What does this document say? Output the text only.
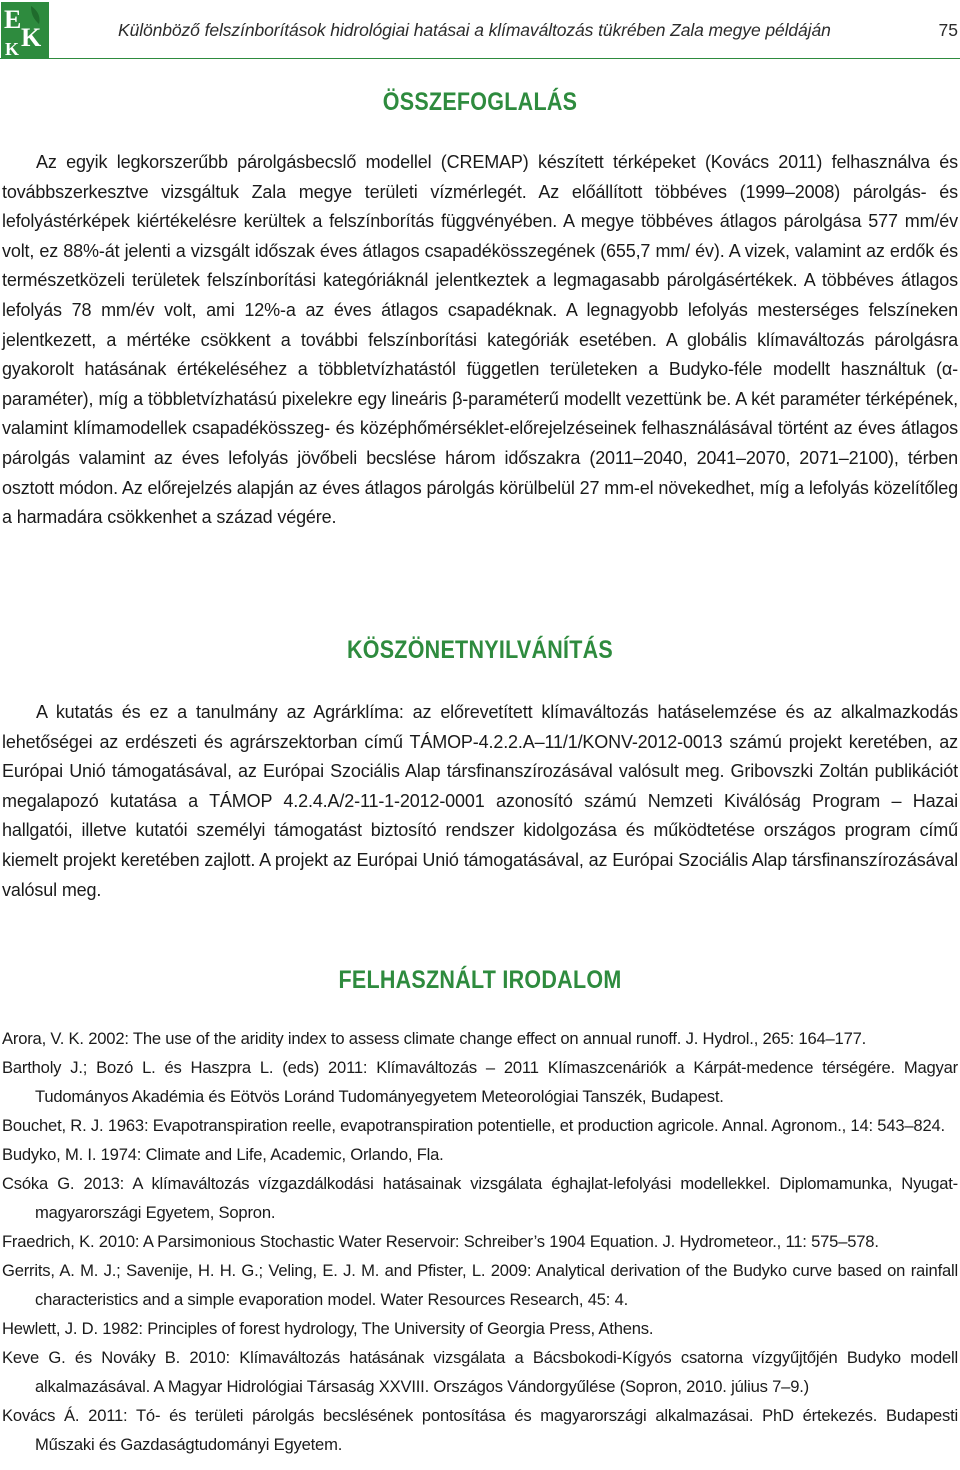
E
K
K
Különböző felszínborítások hidrológiai hatásai a klímaváltozás tükrében Zala megye példáján	75
ÖSSZEFOGLALÁS
Az egyik legkorszerűbb párolgásbecslő modellel (CREMAP) készített térképeket (Kovács 2011) felhasználva és továbbszerkesztve vizsgáltuk Zala megye területi vízmérlegét. Az előállított többéves (1999–2008) párolgás- és lefolyástérképek kiértékelésre kerültek a felszínborítás függvényében. A megye többéves átlagos párolgása 577 mm/év volt, ez 88%-át jelenti a vizsgált időszak éves átlagos csapadékösszegének (655,7 mm/ év). A vizek, valamint az erdők és természetközeli területek felszínborítási kategóriáknál jelentkeztek a legmagasabb párolgásértékek. A többéves átlagos lefolyás 78 mm/év volt, ami 12%-a az éves átlagos csapadéknak. A legnagyobb lefolyás mesterséges felszíneken jelentkezett, a mértéke csökkent a további felszínborítási kategóriák esetében. A globális klímaváltozás párolgásra gyakorolt hatásának értékeléséhez a többletvízhatástól független területeken a Budyko-féle modellt használtuk (α-paraméter), míg a többletvízhatású pixelekre egy lineáris β-paraméterű modellt vezettünk be. A két paraméter térképének, valamint klímamodellek csapadékösszeg- és középhőmérséklet-előrejelzéseinek felhasználásával történt az éves átlagos párolgás valamint az éves lefolyás jövőbeli becslése három időszakra (2011–2040, 2041–2070, 2071–2100), térben osztott módon. Az előrejelzés alapján az éves átlagos párolgás körülbelül 27 mm-el növekedhet, míg a lefolyás közelítőleg a harmadára csökkenhet a század végére.
KÖSZÖNETNYILVÁNÍTÁS
A kutatás és ez a tanulmány az Agrárklíma: az előrevetített klímaváltozás hatáselemzése és az alkalmazkodás lehetőségei az erdészeti és agrárszektorban című TÁMOP-4.2.2.A–11/1/KONV-2012-0013 számú projekt keretében, az Európai Unió támogatásával, az Európai Szociális Alap társfinanszírozásával valósult meg. Gribovszki Zoltán publikációt megalapozó kutatása a TÁMOP 4.2.4.A/2-11-1-2012-0001 azonosító számú Nemzeti Kiválóság Program – Hazai hallgatói, illetve kutatói személyi támogatást biztosító rendszer kidolgozása és működtetése országos program című kiemelt projekt keretében zajlott. A projekt az Európai Unió támogatásával, az Európai Szociális Alap társfinanszírozásával valósul meg.
FELHASZNÁLT IRODALOM
Arora, V. K. 2002: The use of the aridity index to assess climate change effect on annual runoff. J. Hydrol., 265: 164–177.
Bartholy J.; Bozó L. és Haszpra L. (eds) 2011: Klímaváltozás – 2011 Klímaszcenáriók a Kárpát-medence térségére. Magyar Tudományos Akadémia és Eötvös Loránd Tudományegyetem Meteorológiai Tanszék, Budapest.
Bouchet, R. J. 1963: Evapotranspiration reelle, evapotranspiration potentielle, et production agricole. Annal. Agronom., 14: 543–824.
Budyko, M. I. 1974: Climate and Life, Academic, Orlando, Fla.
Csóka G. 2013: A klímaváltozás vízgazdálkodási hatásainak vizsgálata éghajlat-lefolyási modellekkel. Diplomamunka, Nyugat-magyarországi Egyetem, Sopron.
Fraedrich, K. 2010: A Parsimonious Stochastic Water Reservoir: Schreiber’s 1904 Equation. J. Hydrometeor., 11: 575–578.
Gerrits, A. M. J.; Savenije, H. H. G.; Veling, E. J. M. and Pfister, L. 2009: Analytical derivation of the Budyko curve based on rainfall characteristics and a simple evaporation model. Water Resources Research, 45: 4.
Hewlett, J. D. 1982: Principles of forest hydrology, The University of Georgia Press, Athens.
Keve G. és Nováky B. 2010: Klímaváltozás hatásának vizsgálata a Bácsbokodi-Kígyós csatorna vízgyűjtőjén Budyko modell alkalmazásával. A Magyar Hidrológiai Társaság XXVIII. Országos Vándorgyűlése (Sopron, 2010. július 7–9.)
Kovács Á. 2011: Tó- és területi párolgás becslésének pontosítása és magyarországi alkalmazásai. PhD értekezés. Budapesti Műszaki és Gazdaságtudományi Egyetem.
